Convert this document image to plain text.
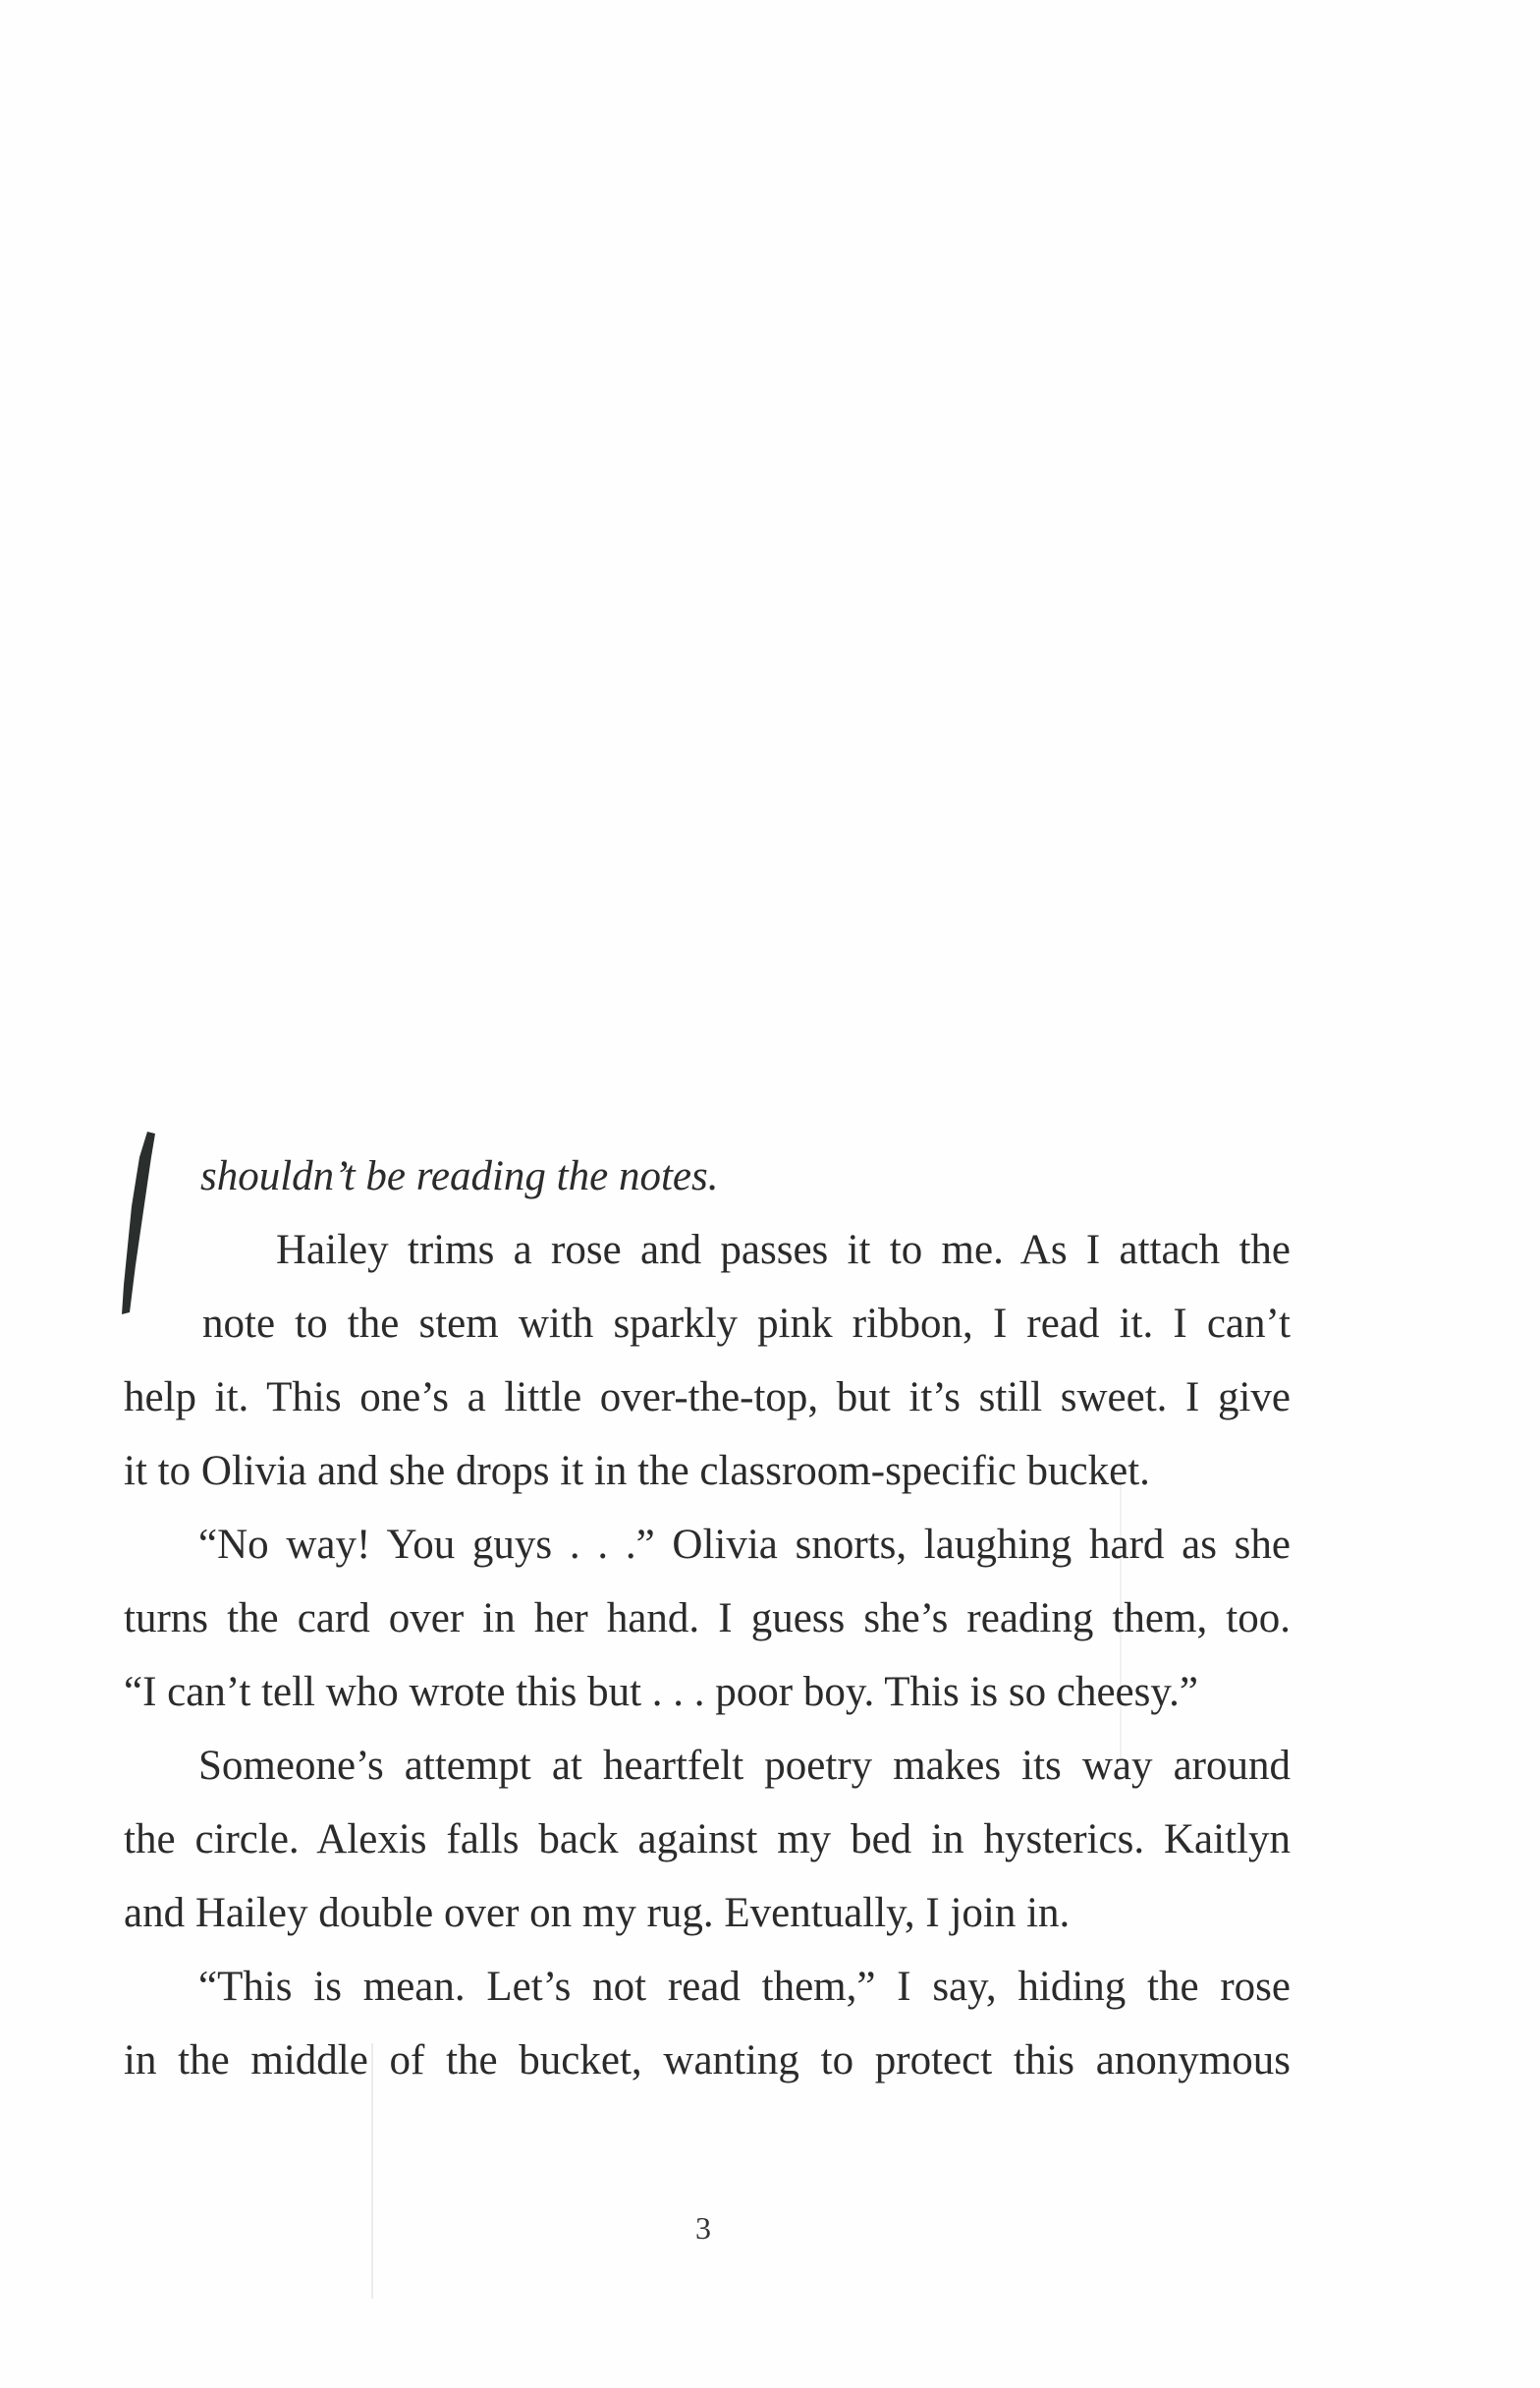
shouldn’t be reading the notes.
Hailey trims a rose and passes it to me. As I attach the
note to the stem with sparkly pink ribbon, I read it. I can’t
help it. This one’s a little over-the-top, but it’s still sweet. I give
it to Olivia and she drops it in the classroom-specific bucket.
“No way! You guys . . .” Olivia snorts, laughing hard as she
turns the card over in her hand. I guess she’s reading them, too.
“I can’t tell who wrote this but . . . poor boy. This is so cheesy.”
Someone’s attempt at heartfelt poetry makes its way around
the circle. Alexis falls back against my bed in hysterics. Kaitlyn
and Hailey double over on my rug. Eventually, I join in.
“This is mean. Let’s not read them,” I say, hiding the rose
in the middle of the bucket, wanting to protect this anonymous
3
